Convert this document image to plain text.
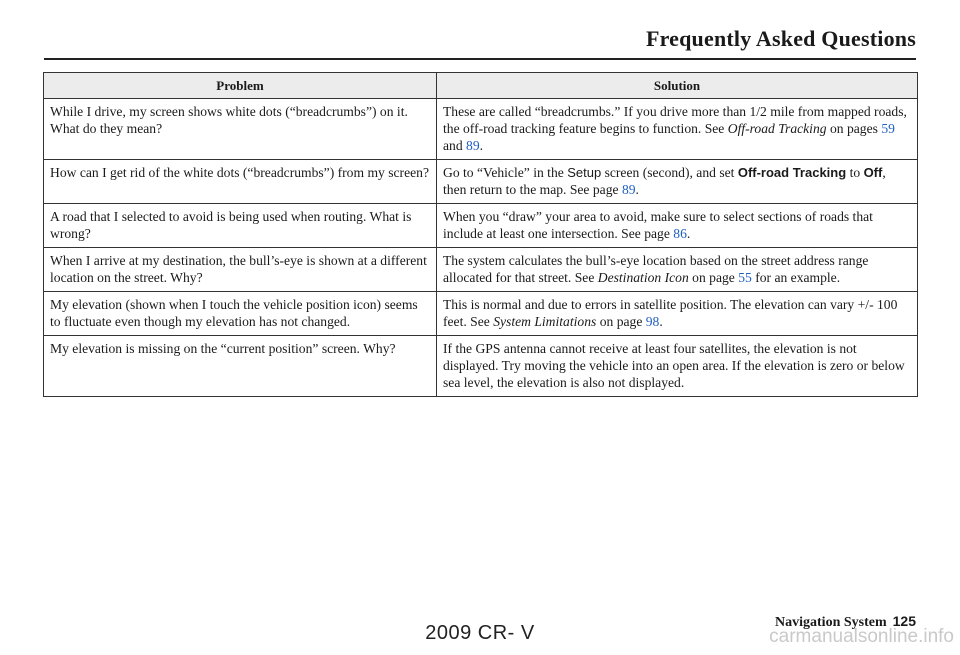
Frequently Asked Questions
Problem	Solution
While I drive, my screen shows white dots (“breadcrumbs”) on it. What do they mean?	These are called “breadcrumbs.” If you drive more than 1/2 mile from mapped roads, the off-road tracking feature begins to function. See Off-road Tracking on pages 59 and 89.
How can I get rid of the white dots (“breadcrumbs”) from my screen?	Go to “Vehicle” in the Setup screen (second), and set Off-road Tracking to Off, then return to the map. See page 89.
A road that I selected to avoid is being used when routing. What is wrong?	When you “draw” your area to avoid, make sure to select sections of roads that include at least one intersection. See page 86.
When I arrive at my destination, the bull’s-eye is shown at a different location on the street. Why?	The system calculates the bull’s-eye location based on the street address range allocated for that street. See Destination Icon on page 55 for an example.
My elevation (shown when I touch the vehicle position icon) seems to fluctuate even though my elevation has not changed.	This is normal and due to errors in satellite position. The elevation can vary +/- 100 feet. See System Limitations on page 98.
My elevation is missing on the “current position” screen. Why?	If the GPS antenna cannot receive at least four satellites, the elevation is not displayed. Try moving the vehicle into an open area. If the elevation is zero or below sea level, the elevation is also not displayed.
Navigation System 125
2009 CR- V	carmanualsonline.info
